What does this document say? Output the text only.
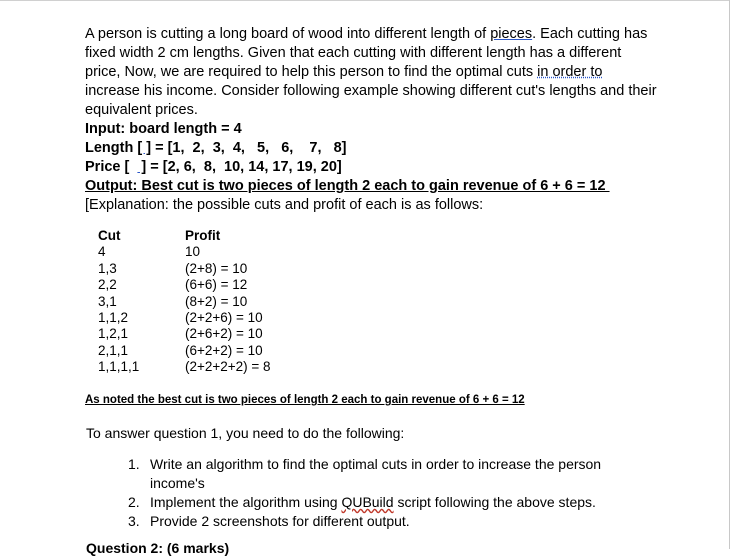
A person is cutting a long board of wood into different length of pieces. Each cutting has fixed width 2 cm lengths. Given that each cutting with different length has a different price, Now, we are required to help this person to find the optimal cuts in order to increase his income. Consider following example showing different cut's lengths and their equivalent prices.
Input: board length = 4
Length [ ] = [1,  2,  3,  4,   5,   6,    7,   8]
Price [   ] = [2, 6,  8,  10, 14, 17, 19, 20]
Output: Best cut is two pieces of length 2 each to gain revenue of 6 + 6 = 12
[Explanation: the possible cuts and profit of each is as follows:
Cut
4
1,3
2,2
3,1
1,1,2
1,2,1
2,1,1
1,1,1,1
Profit
10
(2+8) = 10
(6+6) = 12
(8+2) = 10
(2+2+6) = 10
(2+6+2) = 10
(6+2+2) = 10
(2+2+2+2) = 8
As noted the best cut is two pieces of length 2 each to gain revenue of 6 + 6 = 12
To answer question 1, you need to do the following:
1. Write an algorithm to find the optimal cuts in order to increase the person income's
2. Implement the algorithm using QUBuild script following the above steps.
3. Provide 2 screenshots for different output.
Question 2: (6 marks)
